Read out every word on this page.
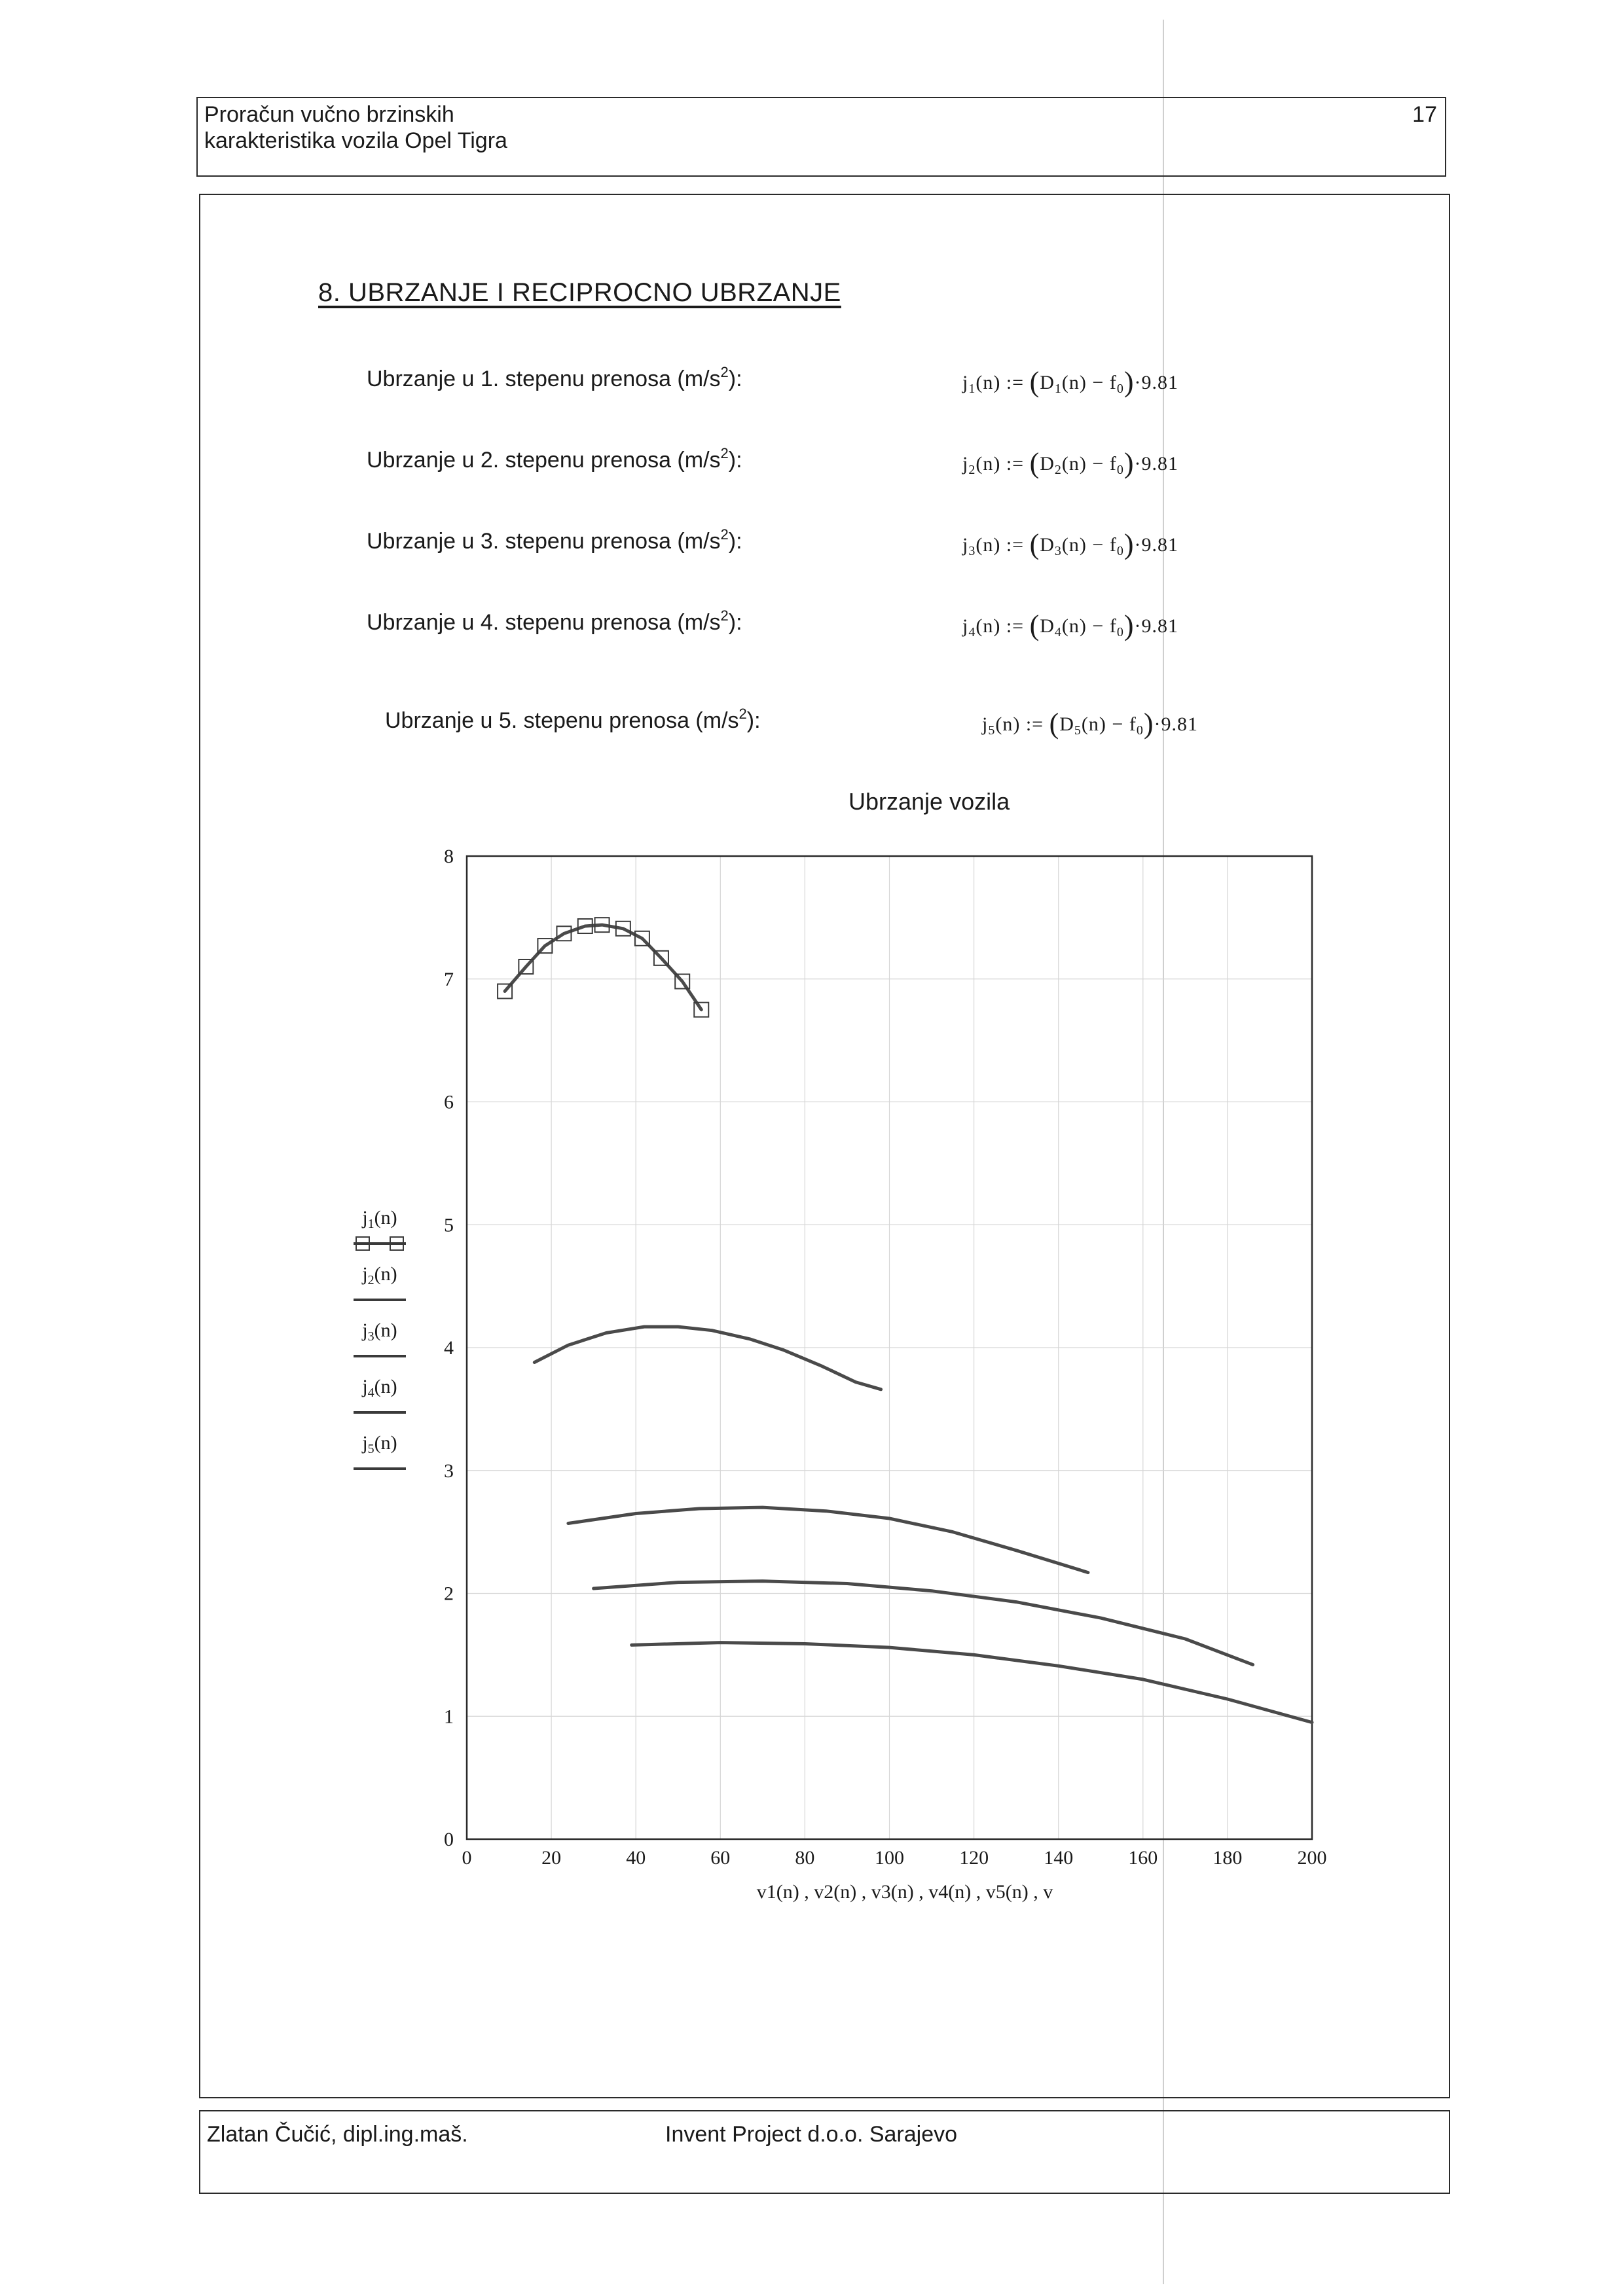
Proračun vučno brzinskih
karakteristika vozila Opel Tigra
17
8. UBRZANJE I RECIPROCNO UBRZANJE
Ubrzanje u 1. stepenu prenosa $(m/s^2)$:	$j_1(n)$ := $(D_1(n) - f_0)\cdot 9.81$
Ubrzanje u 2. stepenu prenosa $(m/s^2)$:	$j_2(n)$ := $(D_2(n) - f_0)\cdot 9.81$
Ubrzanje u 3. stepenu prenosa $(m/s^2)$:	$j_3(n)$ := $(D_3(n) - f_0)\cdot 9.81$
Ubrzanje u 4. stepenu prenosa $(m/s^2)$:	$j_4(n)$ := $(D_4(n) - f_0)\cdot 9.81$
Ubrzanje u 5. stepenu prenosa $(m/s^2)$:	$j_5(n)$ := $(D_5(n) - f_0)\cdot 9.81$
Ubrzanje vozila
0	20	40	60	80	100	120	140	160	180	200
0
1
2
3
4
5
6
7
8
$j_1(n)$
$j_2(n)$
$j_3(n)$
$j_4(n)$
$j_5(n)$
v1(n) , v2(n) , v3(n) , v4(n) , v5(n) , v
Zlatan Čučić, dipl.ing.maš.	Invent Project d.o.o. Sarajevo
